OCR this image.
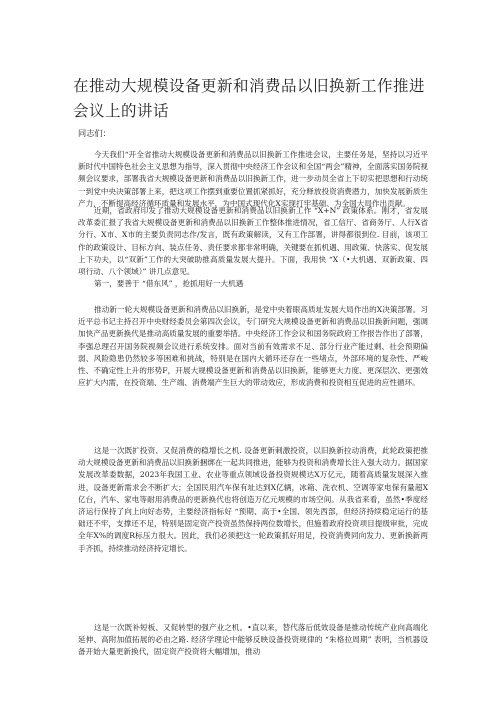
在推动大规模设备更新和消费品以旧换新工作推进会议上的讲话
同志们：

今天我们“开全省推动大规模设备更新和消费品以旧换新工作推进会议，主要任务是，坚持以习近平新时代中国特色社会主义思想为指导，深入贯彻中央经济工作会议和全国“两会”精神，全面落实国务院视频会议要求，部署我省大规模设备更新和消费品以旧换新工作，进一步动员全省上下切实把思想和行动统一到党中央决策部署上来，把这项工作摆到重要位置抓紧抓好，充分释放投资消费潜力，加快发展新质生产力，不断提高经济循环质量和发展水平，为中国式现代化X实现打牢基础、为全国大局作出贡献。

近期，省政府印发了推动大规模设备更新和消费品以旧换新工作 “X+N” 政策体系。刚才，省发展改革委汇报了我省大规模设备更新和消费品以旧换新工作整体推进情况，省工信厅、省商务厅、人行X省分行、X市、X市的主要负责同志作/发言，既有政策解读，又有工作部署，讲得都很到位. 目前，该项工作的政策设计、目标方向、装点任务、责任要求都非常明确，关键要在抓机遇、用政策、快落实、促发展上下功夫，以“双新”工作的大突破助推高质量发展大提升。下面，我用快 “X（•大机遇、双新政策、四项行动、八个领域）” 讲几点意见。

第一，要善于 “借东风” ，抢抓用好一大机遇

推动新一轮大规模设备更新和消费品以旧换新，是党中央着眼高质址发展大局作出的X决策部署。习近平总书记主持召开中央财经委员会第四次会议，专门研究大规模设备更新和消费品以旧换新问题，强调加快产品更新换代是推动高质量发展的重要举措。中央经济工作会议和国务院政府工作报告作出了部署，李强总理召开国务院视频会议进行系统安排。面对当前有效需求不足、部分行业产能过剩、社会预期偏弱、风险隐患仍然较多等困难和挑战，特别是在国内大循环还存在一些堵点，外部环境的复杂性、严峻性、不确定性上升的形势F，开展大规模设备更新和消费品以旧换新，能够更大力度、更深层次、更强效应扩大内需，在投资端、生产端、消费端产生巨大的带动效应，形成消费和投资相互促进的应性循环。

这是一次既扩投资、又促消费的稳增长之机. 设备更新刺激投资，以旧换新拉动消费，此轮政策把推动大规模设备更新和消费品以旧换新捆绑在一起共同推进，能够为投资和消费增长注入强大动力。据国家发展改革委数据，2023年我国工业、农业等重点领域设备投资规模达X万亿元，随着高质量发展深入推进，设备更新需求会不断扩大；全国民用汽车保有址达到X亿辆，冰箱、洗衣机、空调等家电保有量超X亿台，汽车、家电等耐用消费品的更新换代也将创造万亿元规模的市场空间。从我省来看，虽然•季度经济运行保持了向上向好态势，主要经济指标好 “预期、高于•全国、领先西部，但经济持续稳定运行的基础还不牢，支撑还不足，特别是固定资产投资虽然保持两位数增长，但施着政府投资项目提级审批，完成全年X%的调度R标压力很大。因此，我们必须把这一轮政策抓好用足，投资消费同向发力、更新换新两手齐抓，持续推动经济持定增长。

这是一次既补短板、又促转型的强产业之机。•直以来，替代落后低效设备是推动传统产业向高端化延伸、高附加值拓展的必由之路. 经济学理论中能够反映设备投资规律的 “朱格拉周期” 表明，当机器设备开始大量更新换代，固定资产投资将大幅增加，推动
